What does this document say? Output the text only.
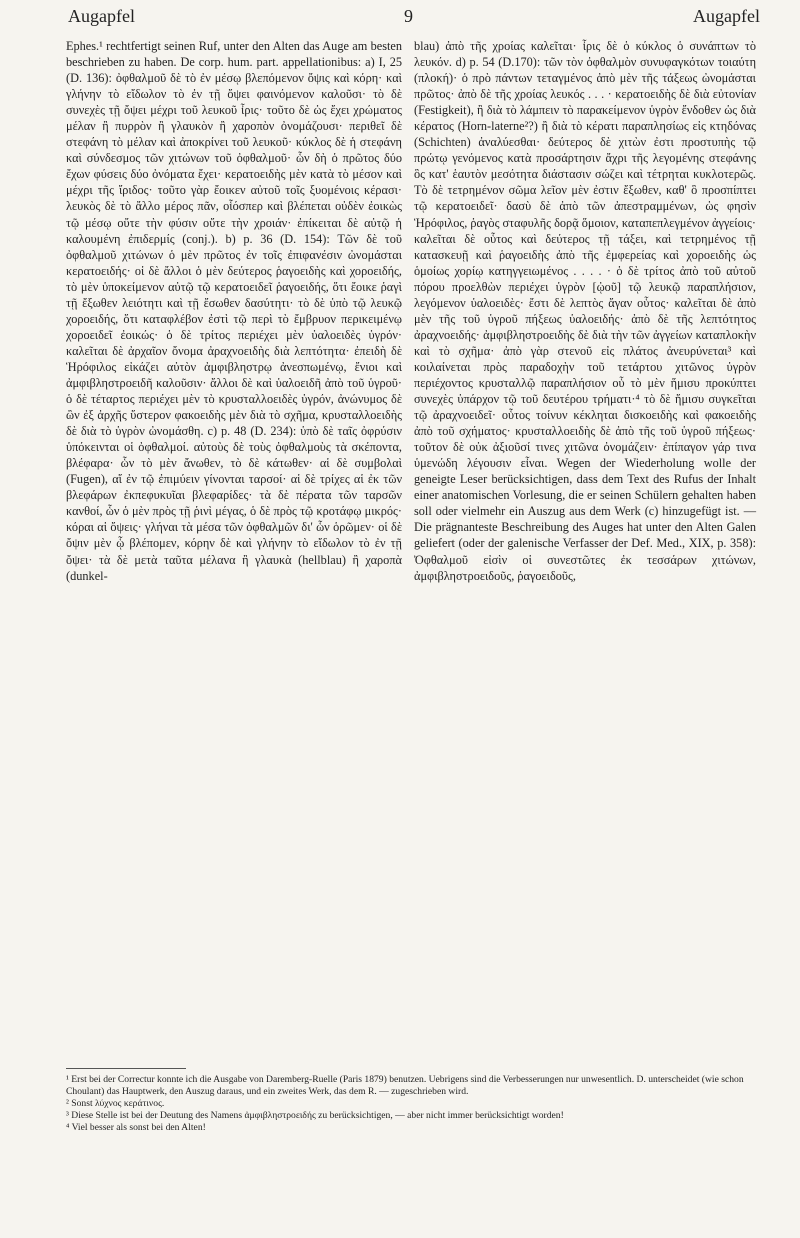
Augapfel	9	Augapfel

Ephes.¹ rechtfertigt seinen Ruf, unter den Alten das Auge am besten beschrieben zu haben. De corp. hum. part. appellationibus: a) I, 25 (D. 136): ὀφθαλμοῦ δὲ τὸ ἐν μέσῳ βλεπόμενον ὄψις καὶ κόρη· καὶ γλήνην τὸ εἴδωλον τὸ ἐν τῇ ὄψει φαινόμενον καλοῦσι· τὸ δὲ συνεχὲς τῇ ὄψει μέχρι τοῦ λευκοῦ ἶρις· τοῦτο δὲ ὡς ἔχει χρώματος μέλαν ἢ πυρρὸν ἢ γλαυκὸν ἢ χαροπὸν ὀνομάζουσι· περιθεῖ δὲ στεφάνη τὸ μέλαν καὶ ἀποκρίνει τοῦ λευκοῦ· κύκλος δὲ ἡ στεφάνη καὶ σύνδεσμος τῶν χιτώνων τοῦ ὀφθαλμοῦ· ὧν δὴ ὁ πρῶτος δύο ἔχων φύσεις δύο ὀνόματα ἔχει· κερατοειδὴς μὲν κατὰ τὸ μέσον καὶ μέχρι τῆς ἴριδος· τοῦτο γὰρ ἔοικεν αὐτοῦ τοῖς ξυομένοις κέρασι· λευκὸς δὲ τὸ ἄλλο μέρος πᾶν, οἷόσπερ καὶ βλέπεται οὐδὲν ἐοικὼς τῷ μέσῳ οὔτε τὴν φύσιν οὔτε τὴν χροιάν· ἐπίκειται δὲ αὐτῷ ἡ καλουμένη ἐπιδερμίς (conj.). b) p. 36 (D. 154): Τῶν δὲ τοῦ ὀφθαλμοῦ χιτώνων ὁ μὲν πρῶτος ἐν τοῖς ἐπιφανέσιν ὠνομάσται κερατοειδής· οἱ δὲ ἄλλοι ὁ μὲν δεύτερος ῥαγοειδὴς καὶ χοροειδής, τὸ μὲν ὑποκείμενον αὐτῷ τῷ κερατοειδεῖ ῥαγοειδής, ὅτι ἔοικε ῥαγὶ τῇ ἔξωθεν λειότητι καὶ τῇ ἔσωθεν δασύτητι· τὸ δὲ ὑπὸ τῷ λευκῷ χοροειδής, ὅτι καταφλέβον ἐστὶ τῷ περὶ τὸ ἔμβρυον περικειμένῳ χοροειδεῖ ἐοικώς· ὁ δὲ τρίτος περιέχει μὲν ὑαλοειδὲς ὑγρόν· καλεῖται δὲ ἀρχαῖον ὄνομα ἀραχνοειδὴς διὰ λεπτότητα· ἐπειδὴ δὲ Ἡρόφιλος εἰκάζει αὐτὸν ἀμφιβληστρῳ ἀνεσπωμένῳ, ἔνιοι καὶ ἀμφιβληστροειδῆ καλοῦσιν· ἄλλοι δὲ καὶ ὑαλοειδῆ ἀπὸ τοῦ ὑγροῦ· ὁ δὲ τέταρτος περιέχει μὲν τὸ κρυσταλλοειδὲς ὑγρόν, ἀνώνυμος δὲ ὢν ἐξ ἀρχῆς ὕστερον φακοειδὴς μὲν διὰ τὸ σχῆμα, κρυσταλλοειδὴς δὲ διὰ τὸ ὑγρὸν ὠνομάσθη. c) p. 48 (D. 234): ὑπὸ δὲ ταῖς ὀφρύσιν ὑπόκεινται οἱ ὀφθαλμοί. αὐτοὺς δὲ τοὺς ὀφθαλμοὺς τὰ σκέποντα, βλέφαρα· ὧν τὸ μὲν ἄνωθεν, τὸ δὲ κάτωθεν· αἱ δὲ συμβολαὶ (Fugen), αἵ ἐν τῷ ἐπιμύειν γίνονται ταρσοί· αἱ δὲ τρίχες αἱ ἐκ τῶν βλεφάρων ἐκπεφυκυῖαι βλεφαρίδες· τὰ δὲ πέρατα τῶν ταρσῶν κανθοί, ὧν ὁ μὲν πρὸς τῇ ῥινὶ μέγας, ὁ δὲ πρὸς τῷ κροτάφῳ μικρός· κόραι αἱ ὄψεις· γλήναι τὰ μέσα τῶν ὀφθαλμῶν δι' ὧν ὁρῶμεν· οἱ δὲ ὄψιν μὲν ᾧ βλέπομεν, κόρην δὲ καὶ γλήνην τὸ εἴδωλον τὸ ἐν τῇ ὄψει· τὰ δὲ μετὰ ταῦτα μέλανα ἢ γλαυκὰ (hellblau) ἢ χαροπὰ (dunkel-

blau) ἀπὸ τῆς χροίας καλεῖται· ἶρις δὲ ὁ κύκλος ὁ συνάπτων τὸ λευκόν. d) p. 54 (D.170): τῶν τὸν ὀφθαλμὸν συνυφαγκότων τοιαύτη (πλοκή)· ὁ πρὸ πάντων τεταγμένος ἀπὸ μὲν τῆς τάξεως ὠνομάσται πρῶτος· ἀπὸ δὲ τῆς χροίας λευκός . . . · κερατοειδὴς δὲ διὰ εὐτονίαν (Festigkeit), ἢ διὰ τὸ λάμπειν τὸ παρακείμενον ὑγρὸν ἔνδοθεν ὡς διὰ κέρατος (Horn-laterne²?) ἢ διὰ τὸ κέρατι παραπλησίως εἰς κτηδόνας (Schichten) ἀναλύεσθαι· δεύτερος δὲ χιτὼν ἐστι προστυπὴς τῷ πρώτῳ γενόμενος κατὰ προσάρτησιν ἄχρι τῆς λεγομένης στεφάνης ὃς κατ' ἑαυτὸν μεσότητα διάστασιν σώζει καὶ τέτρηται κυκλοτερῶς. Τὸ δὲ τετρημένον σῶμα λεῖον μὲν ἐστιν ἔξωθεν, καθ' ὃ προσπίπτει τῷ κερατοειδεῖ· δασὺ δὲ ἀπὸ τῶν ἀπεστραμμένων, ὡς φησὶν Ἡρόφιλος, ῥαγὸς σταφυλῆς δορᾷ ὅμοιον, καταπεπλεγμένον ἀγγείοις· καλεῖται δὲ οὗτος καὶ δεύτερος τῇ τάξει, καὶ τετρημένος τῇ κατασκευῇ καὶ ῥαγοειδὴς ἀπὸ τῆς ἐμφερείας καὶ χοροειδὴς ὡς ὁμοίως χορίῳ κατηγγειωμένος . . . . · ὁ δὲ τρίτος ἀπὸ τοῦ αὐτοῦ πόρου προελθὼν περιέχει ὑγρὸν [ᾠοῦ] τῷ λευκῷ παραπλήσιον, λεγόμενον ὑαλοειδὲς· ἔστι δὲ λεπτὸς ἄγαν οὗτος· καλεῖται δὲ ἀπὸ μὲν τῆς τοῦ ὑγροῦ πήξεως ὑαλοειδής· ἀπὸ δὲ τῆς λεπτότητος ἀραχνοειδής· ἀμφιβληστροειδὴς δὲ διὰ τὴν τῶν ἀγγείων καταπλοκὴν καὶ τὸ σχῆμα· ἀπὸ γὰρ στενοῦ εἰς πλάτος ἀνευρύνεται³ καὶ κοιλαίνεται πρὸς παραδοχὴν τοῦ τετάρτου χιτῶνος ὑγρὸν περιέχοντος κρυσταλλῷ παραπλήσιον οὗ τὸ μὲν ἥμισυ προκύπτει συνεχὲς ὑπάρχον τῷ τοῦ δευτέρου τρήματι·⁴ τὸ δὲ ἥμισυ συγκεῖται τῷ ἀραχνοειδεῖ· οὗτος τοίνυν κέκληται δισκοειδὴς καὶ φακοειδὴς ἀπὸ τοῦ σχήματος· κρυσταλλοειδὴς δὲ ἀπὸ τῆς τοῦ ὑγροῦ πήξεως· τοῦτον δὲ οὐκ ἀξιοῦσί τινες χιτῶνα ὀνομάζειν· ἐπίπαγον γάρ τινα ὑμενώδη λέγουσιν εἶναι. Wegen der Wiederholung wolle der geneigte Leser berücksichtigen, dass dem Text des Rufus der Inhalt einer anatomischen Vorlesung, die er seinen Schülern gehalten haben soll oder vielmehr ein Auszug aus dem Werk (c) hinzugefügt ist. — Die prägnanteste Beschreibung des Auges hat unter den Alten Galen geliefert (oder der galenische Verfasser der Def. Med., XIX, p. 358): Ὀφθαλμοῦ εἰσὶν οἱ συνεστῶτες ἐκ τεσσάρων χιτώνων, ἀμφιβληστροειδοῦς, ῥαγοειδοῦς,

¹ Erst bei der Correctur konnte ich die Ausgabe von Daremberg-Ruelle (Paris 1879) benutzen. Uebrigens sind die Verbesserungen nur unwesentlich. D. unterscheidet (wie schon Choulant) das Hauptwerk, den Auszug daraus, und ein zweites Werk, das dem R. — zugeschrieben wird.

² Sonst λύχνος κεράτινος.

³ Diese Stelle ist bei der Deutung des Namens ἀμφιβληστροειδής zu berücksichtigen, — aber nicht immer berücksichtigt worden!

⁴ Viel besser als sonst bei den Alten!
